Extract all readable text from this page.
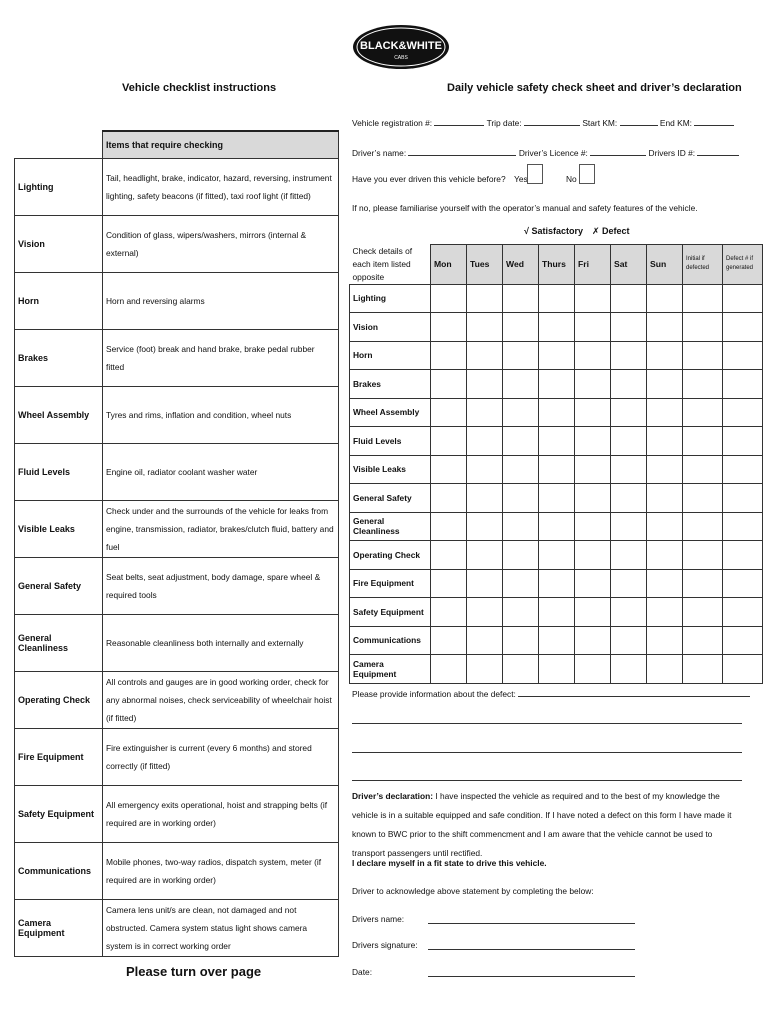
BLACK&WHITE
CABS
Vehicle checklist instructions
	Items that require checking
Lighting	Tail, headlight, brake, indicator, hazard, reversing, instrument lighting, safety beacons (if fitted), taxi roof light (if fitted)
Vision	Condition of glass, wipers/washers, mirrors (internal & external)
Horn	Horn and reversing alarms
Brakes	Service (foot) break and hand brake, brake pedal rubber fitted
Wheel Assembly	Tyres and rims, inflation and condition, wheel nuts
Fluid Levels	Engine oil, radiator coolant washer water
Visible Leaks	Check under and the surrounds of the vehicle for leaks from engine, transmission, radiator, brakes/clutch fluid, battery and fuel
General Safety	Seat belts, seat adjustment, body damage, spare wheel & required tools
General Cleanliness	Reasonable cleanliness both internally and externally
Operating Check	All controls and gauges are in good working order, check for any abnormal noises, check serviceability of wheelchair hoist (if fitted)
Fire Equipment	Fire extinguisher is current (every 6 months) and stored correctly (if fitted)
Safety Equipment	All emergency exits operational, hoist and strapping belts (if required are in working order)
Communications	Mobile phones, two-way radios, dispatch system, meter (if required are in working order)
Camera Equipment	Camera lens unit/s are clean, not damaged and not obstructed. Camera system status light shows camera system is in correct working order
Please turn over page
Daily vehicle safety check sheet and driver’s declaration
Vehicle registration #:	Trip date:	Start KM:	End KM:
Driver’s name:	Driver’s Licence #:	Drivers ID #:
Have you ever driven this vehicle before? Yes	No
If no, please familiarise yourself with the operator’s manual and safety features of the vehicle.
√ Satisfactory ✗ Defect
Check details of each item listed opposite	Mon	Tues	Wed	Thurs	Fri	Sat	Sun	Initial if defected	Defect # if generated
Lighting									
Vision									
Horn									
Brakes									
Wheel Assembly									
Fluid Levels									
Visible Leaks									
General Safety									
General Cleanliness									
Operating Check									
Fire Equipment									
Safety Equipment									
Communications									
Camera Equipment									
Please provide information about the defect:
Driver’s declaration: I have inspected the vehicle as required and to the best of my knowledge the vehicle is in a suitable equipped and safe condition. If I have noted a defect on this form I have made it known to BWC prior to the shift commencment and I am aware that the vehicle cannot be used to transport passengers until rectified.
I declare myself in a fit state to drive this vehicle.
Driver to acknowledge above statement by completing the below:
Drivers name:
Drivers signature:
Date:
